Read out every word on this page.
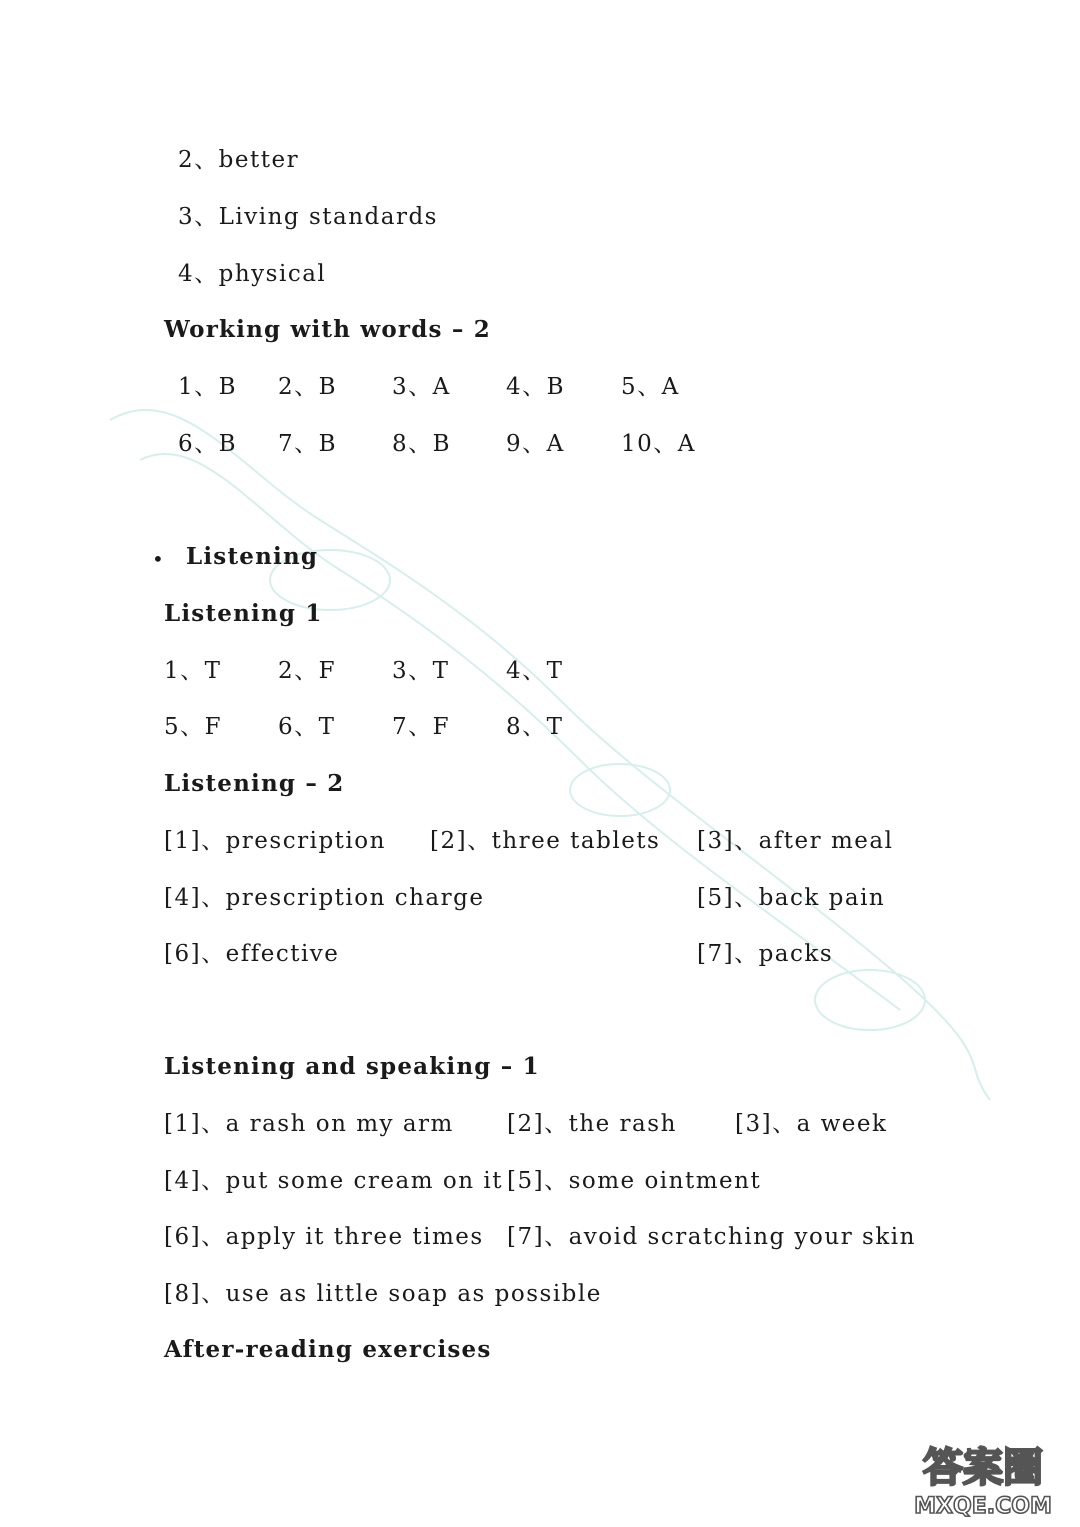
2、better
3、Living standards
4、physical
Working with words – 2
1、B 2、B 3、A 4、B 5、A
6、B 7、B 8、B 9、A 10、A
• Listening
Listening 1
1、T 2、F 3、T 4、T
5、F 6、T 7、F 8、T
Listening – 2
[1]、prescription [2]、three tablets [3]、after meal
[4]、prescription charge	[5]、back pain
[6]、effective	[7]、packs
Listening and speaking – 1
[1]、a rash on my arm [2]、the rash	[3]、a week
[4]、put some cream on it [5]、some ointment
[6]、apply it three times [7]、avoid scratching your skin
[8]、use as little soap as possible
After-reading exercises
答案圈
MXQE.COM
